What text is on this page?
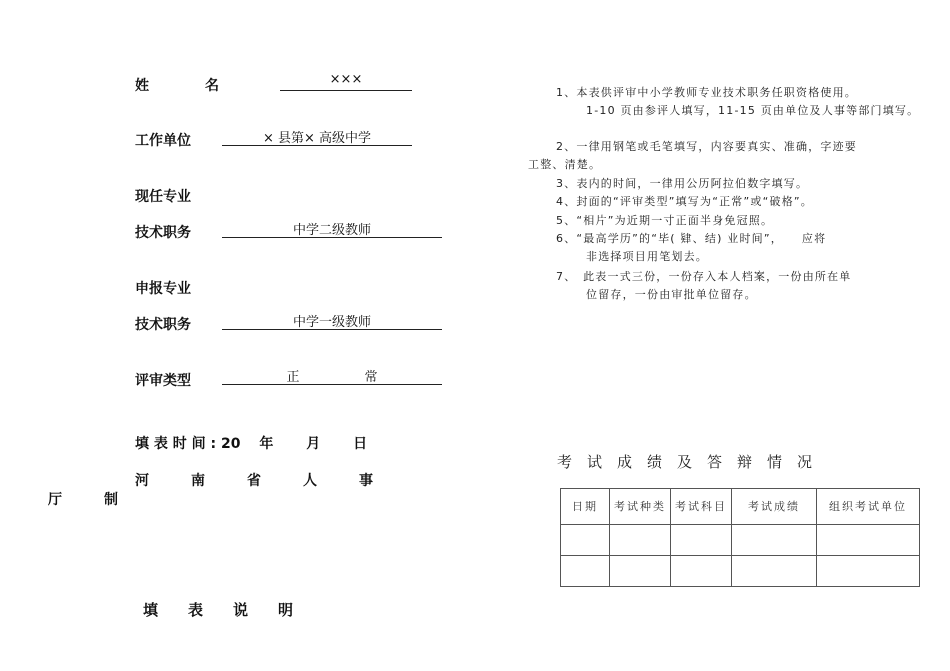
姓　　　　名	×××
工作单位	× 县第× 高级中学
现任专业
技术职务	中学二级教师
申报专业
技术职务	中学一级教师
评审类型	正　　　　　常
填 表 时 间 : 20　 年　　 月　　 日
河　　　南　　　省　　　人　　　事
厅　　　制
填　　表　　说　　明
1、本表供评审中小学教师专业技术职务任职资格使用。
1-10 页由参评人填写，11-15 页由单位及人事等部门填写。
2、一律用钢笔或毛笔填写，内容要真实、准确，字迹要
工整、清楚。
3、表内的时间，一律用公历阿拉伯数字填写。
4、封面的“评审类型”填写为“正常”或“破格”。
5、“相片”为近期一寸正面半身免冠照。
6、“最高学历”的“毕( 肄、结) 业时间”，　　应将
非选择项目用笔划去。
7、　此表一式三份，一份存入本人档案，一份由所在单
位留存，一份由审批单位留存。
考　试　成　绩　及　答　辩　情　况
日期	考试种类	考试科目	考试成绩	组织考试单位
